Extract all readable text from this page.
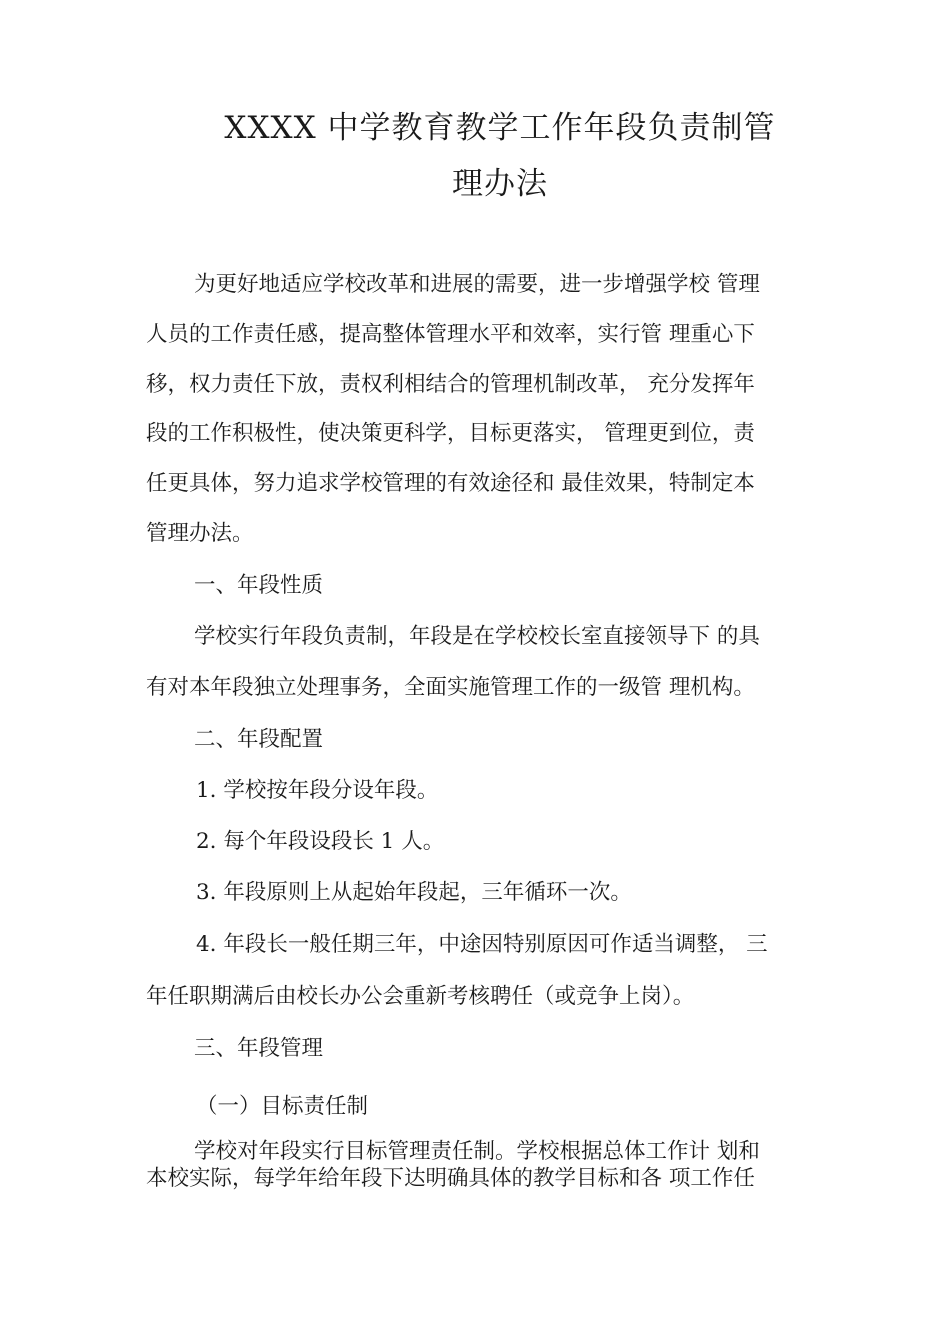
XXXX 中学教育教学工作年段负责制管
理办法

为更好地适应学校改革和进展的需要，进一步增强学校 管理

人员的工作责任感，提高整体管理水平和效率，实行管 理重心下

移，权力责任下放，责权利相结合的管理机制改革， 充分发挥年

段的工作积极性，使决策更科学，目标更落实， 管理更到位，责

任更具体，努力追求学校管理的有效途径和 最佳效果，特制定本

管理办法。

一、年段性质

学校实行年段负责制，年段是在学校校长室直接领导下 的具

有对本年段独立处理事务，全面实施管理工作的一级管 理机构。

二、年段配置

1. 学校按年段分设年段。

2. 每个年段设段长 1 人。

3. 年段原则上从起始年段起，三年循环一次。

4. 年段长一般任期三年，中途因特别原因可作适当调整， 三

年任职期满后由校长办公会重新考核聘任（或竞争上岗）。

三、年段管理

（一）目标责任制

学校对年段实行目标管理责任制。学校根据总体工作计 划和

本校实际，每学年给年段下达明确具体的教学目标和各 项工作任
